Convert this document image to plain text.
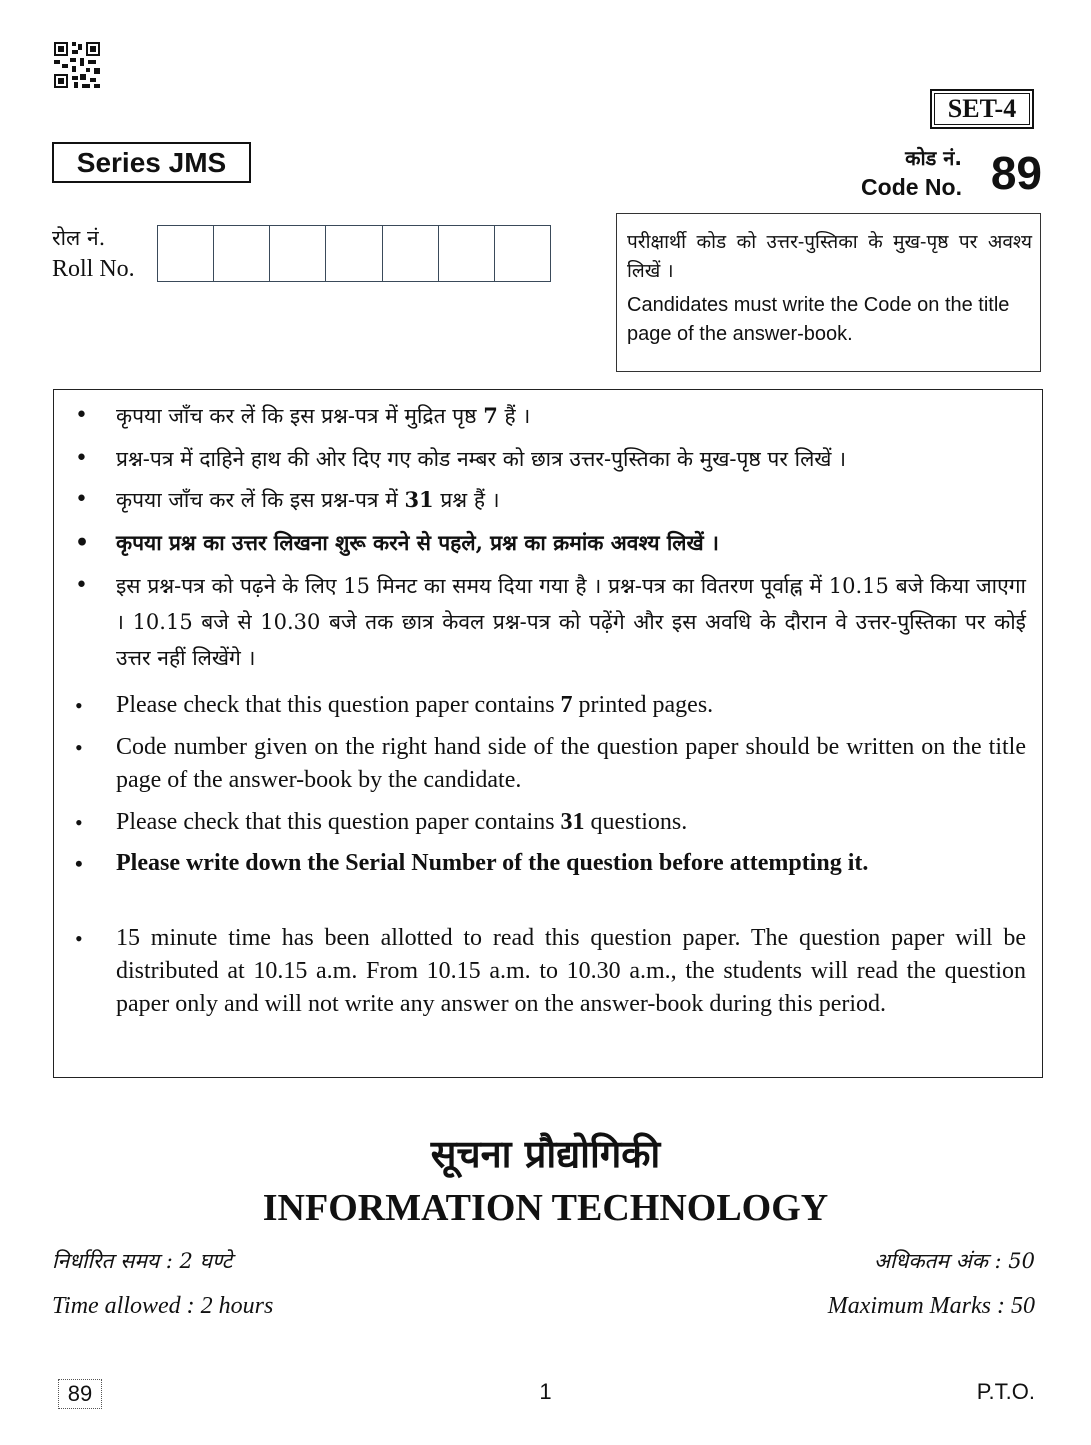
SET-4
Series JMS	कोड नं.
Code No. 89
रोल नं.
Roll No.
परीक्षार्थी कोड को उत्तर-पुस्तिका के मुख-पृष्ठ पर अवश्य लिखें ।
Candidates must write the Code on the title page of the answer-book.
• कृपया जाँच कर लें कि इस प्रश्न-पत्र में मुद्रित पृष्ठ 7 हैं ।
• प्रश्न-पत्र में दाहिने हाथ की ओर दिए गए कोड नम्बर को छात्र उत्तर-पुस्तिका के मुख-पृष्ठ पर लिखें ।
• कृपया जाँच कर लें कि इस प्रश्न-पत्र में 31 प्रश्न हैं ।
• कृपया प्रश्न का उत्तर लिखना शुरू करने से पहले, प्रश्न का क्रमांक अवश्य लिखें ।
• इस प्रश्न-पत्र को पढ़ने के लिए 15 मिनट का समय दिया गया है । प्रश्न-पत्र का वितरण पूर्वाह्न में 10.15 बजे किया जाएगा । 10.15 बजे से 10.30 बजे तक छात्र केवल प्रश्न-पत्र को पढ़ेंगे और इस अवधि के दौरान वे उत्तर-पुस्तिका पर कोई उत्तर नहीं लिखेंगे ।
• Please check that this question paper contains 7 printed pages.
• Code number given on the right hand side of the question paper should be written on the title page of the answer-book by the candidate.
• Please check that this question paper contains 31 questions.
• Please write down the Serial Number of the question before attempting it.
• 15 minute time has been allotted to read this question paper. The question paper will be distributed at 10.15 a.m. From 10.15 a.m. to 10.30 a.m., the students will read the question paper only and will not write any answer on the answer-book during this period.
सूचना प्रौद्योगिकी
INFORMATION TECHNOLOGY
निर्धारित समय : 2 घण्टे	अधिकतम अंक : 50
Time allowed : 2 hours	Maximum Marks : 50
89	1	P.T.O.
